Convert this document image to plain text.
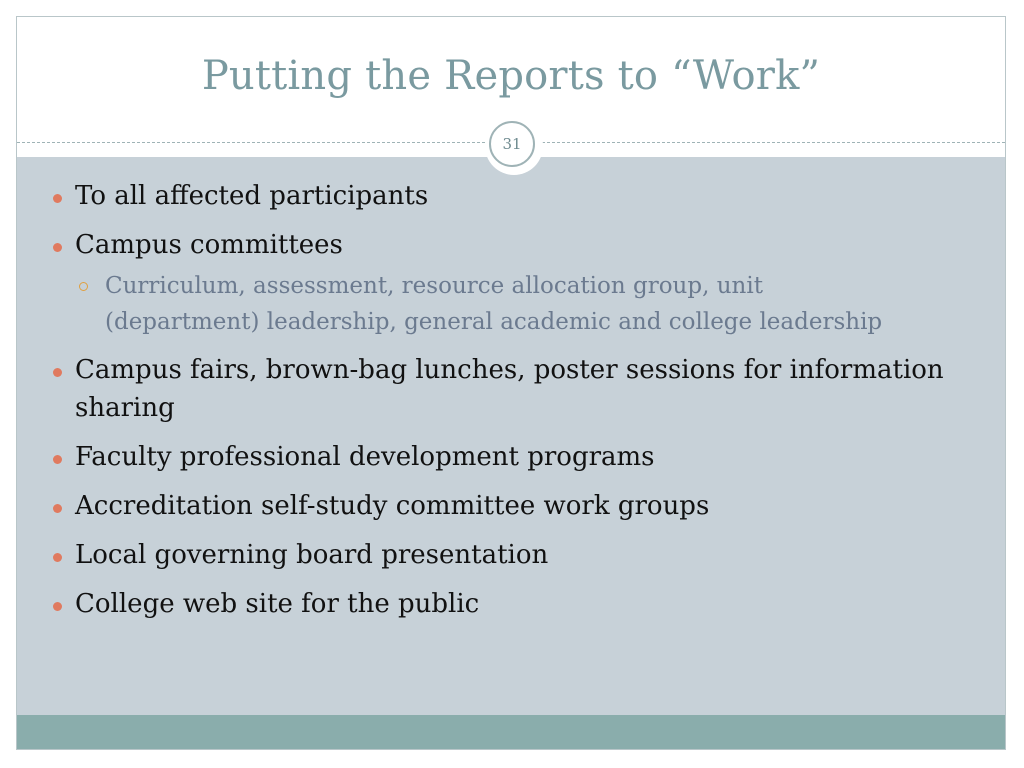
Putting the Reports to “Work”
31
To all affected participants
Campus committees
Curriculum, assessment, resource allocation group, unit (department) leadership, general academic and college leadership
Campus fairs, brown-bag lunches, poster sessions for information sharing
Faculty professional development programs
Accreditation self-study committee work groups
Local governing board presentation
College web site for the public
